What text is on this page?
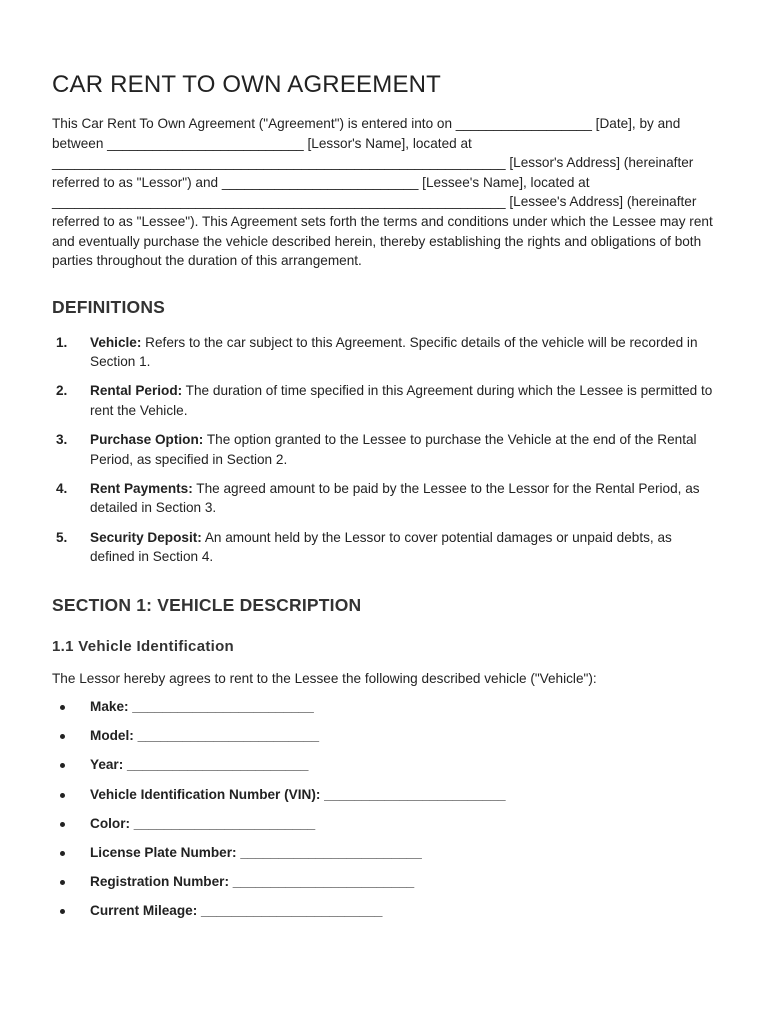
CAR RENT TO OWN AGREEMENT

This Car Rent To Own Agreement ("Agreement") is entered into on __________________ [Date], by and between __________________________ [Lessor's Name], located at ____________________________________________________________ [Lessor's Address] (hereinafter referred to as "Lessor") and __________________________ [Lessee's Name], located at ____________________________________________________________ [Lessee's Address] (hereinafter referred to as "Lessee"). This Agreement sets forth the terms and conditions under which the Lessee may rent and eventually purchase the vehicle described herein, thereby establishing the rights and obligations of both parties throughout the duration of this arrangement.

DEFINITIONS
1. Vehicle: Refers to the car subject to this Agreement. Specific details of the vehicle will be recorded in Section 1.
2. Rental Period: The duration of time specified in this Agreement during which the Lessee is permitted to rent the Vehicle.
3. Purchase Option: The option granted to the Lessee to purchase the Vehicle at the end of the Rental Period, as specified in Section 2.
4. Rent Payments: The agreed amount to be paid by the Lessee to the Lessor for the Rental Period, as detailed in Section 3.
5. Security Deposit: An amount held by the Lessor to cover potential damages or unpaid debts, as defined in Section 4.
SECTION 1: VEHICLE DESCRIPTION
1.1 Vehicle Identification

The Lessor hereby agrees to rent to the Lessee the following described vehicle ("Vehicle"):

Make: ________________________
Model: ________________________
Year: ________________________
Vehicle Identification Number (VIN): ________________________
Color: ________________________
License Plate Number: ________________________
Registration Number: ________________________
Current Mileage: ________________________
